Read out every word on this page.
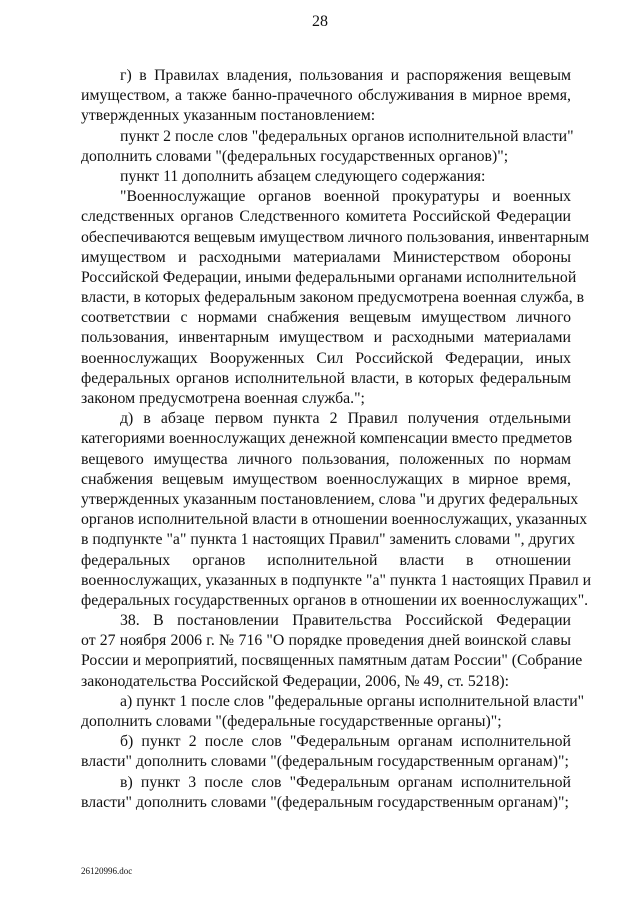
28
г) в Правилах владения, пользования и распоряжения вещевым
имуществом, а также банно-прачечного обслуживания в мирное время,
утвержденных указанным постановлением:
пункт 2 после слов "федеральных органов исполнительной власти"
дополнить словами "(федеральных государственных органов)";
пункт 11 дополнить абзацем следующего содержания:
"Военнослужащие органов военной прокуратуры и военных
следственных органов Следственного комитета Российской Федерации
обеспечиваются вещевым имуществом личного пользования, инвентарным
имуществом и расходными материалами Министерством обороны
Российской Федерации, иными федеральными органами исполнительной
власти, в которых федеральным законом предусмотрена военная служба, в
соответствии с нормами снабжения вещевым имуществом личного
пользования, инвентарным имуществом и расходными материалами
военнослужащих Вооруженных Сил Российской Федерации, иных
федеральных органов исполнительной власти, в которых федеральным
законом предусмотрена военная служба.";
д) в абзаце первом пункта 2 Правил получения отдельными
категориями военнослужащих денежной компенсации вместо предметов
вещевого имущества личного пользования, положенных по нормам
снабжения вещевым имуществом военнослужащих в мирное время,
утвержденных указанным постановлением, слова "и других федеральных
органов исполнительной власти в отношении военнослужащих, указанных
в подпункте "а" пункта 1 настоящих Правил" заменить словами ", других
федеральных органов исполнительной власти в отношении
военнослужащих, указанных в подпункте "а" пункта 1 настоящих Правил и
федеральных государственных органов в отношении их военнослужащих".
38. В постановлении Правительства Российской Федерации
от 27 ноября 2006 г. № 716 "О порядке проведения дней воинской славы
России и мероприятий, посвященных памятным датам России" (Собрание
законодательства Российской Федерации, 2006, № 49, ст. 5218):
а) пункт 1 после слов "федеральные органы исполнительной власти"
дополнить словами "(федеральные государственные органы)";
б) пункт 2 после слов "Федеральным органам исполнительной
власти" дополнить словами "(федеральным государственным органам)";
в) пункт 3 после слов "Федеральным органам исполнительной
власти" дополнить словами "(федеральным государственным органам)";
26120996.doc
